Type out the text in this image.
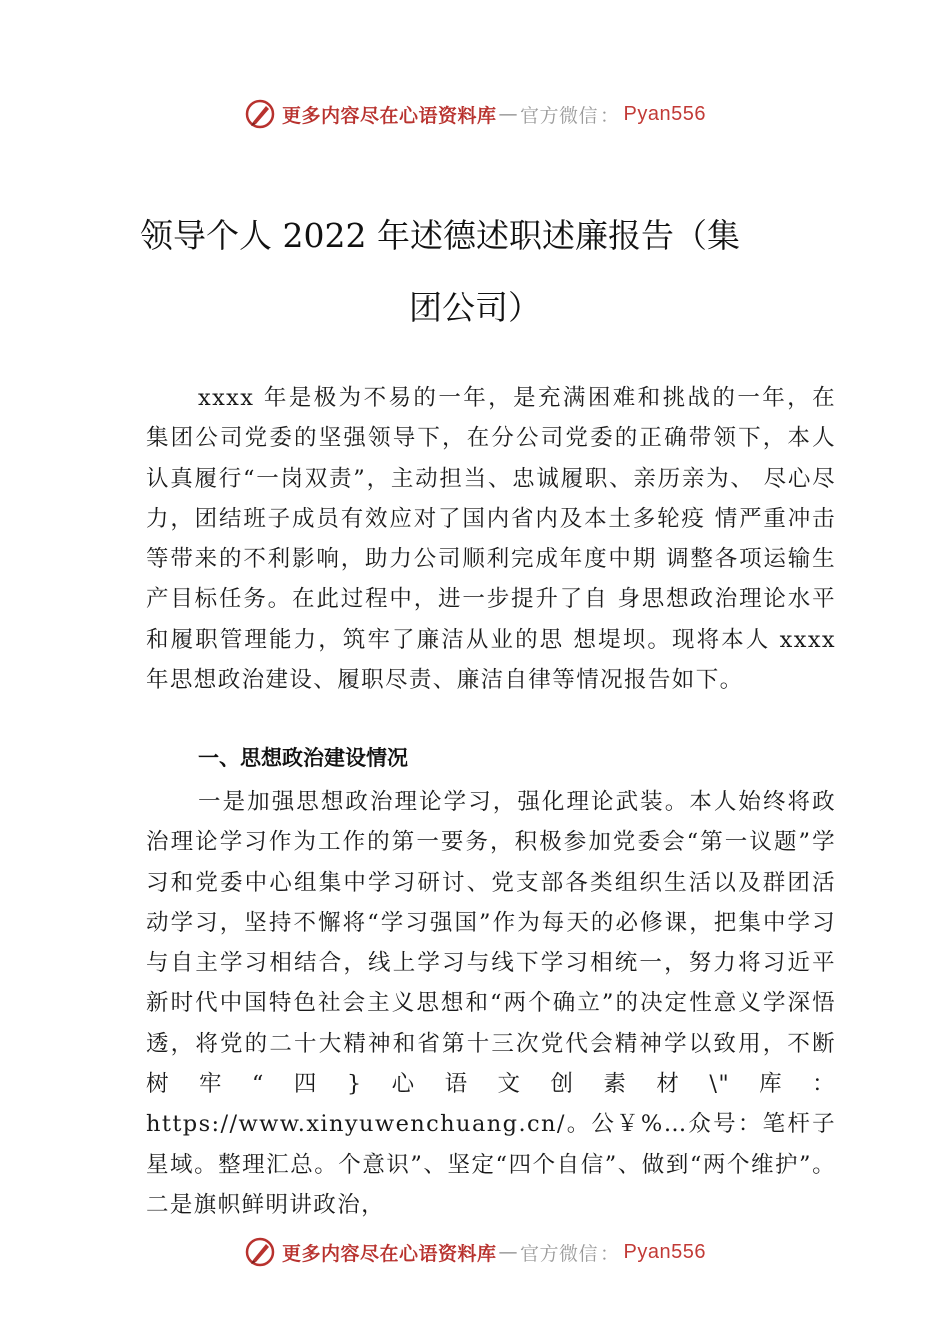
更多内容尽在心语资料库 — 官方微信 ： Pyan556
领导个人 2022 年述德述职述廉报告（集
团公司）

xxxx 年是极为不易的一年，是充满困难和挑战的一年，在集团公司党委的坚强领导下，在分公司党委的正确带领下，本人认真履行“一岗双责”，主动担当、忠诚履职、亲历亲为、 尽心尽力，团结班子成员有效应对了国内省内及本土多轮疫 情严重冲击等带来的不利影响，助力公司顺利完成年度中期 调整各项运输生产目标任务。在此过程中，进一步提升了自 身思想政治理论水平和履职管理能力，筑牢了廉洁从业的思 想堤坝。现将本人 xxxx 年思想政治建设、履职尽责、廉洁自律等情况报告如下。

一、思想政治建设情况

一是加强思想政治理论学习，强化理论武装。本人始终将政治理论学习作为工作的第一要务，积极参加党委会“第一议题”学习和党委中心组集中学习研讨、党支部各类组织生活以及群团活动学习，坚持不懈将“学习强国”作为每天的必修课，把集中学习与自主学习相结合，线上学习与线下学习相统一，努力将习近平新时代中国特色社会主义思想和“两个确立”的决定性意义学深悟透，将党的二十大精神和省第十三次党代会精神学以致用，不断树牢“四}心语文创素材\"库：https://www.xinyuwenchuang.cn/。公￥%…众号：笔杆子星域。整理汇总。个意识”、坚定“四个自信”、做到“两个维护”。二是旗帜鲜明讲政治，

更多内容尽在心语资料库 — 官方微信 ： Pyan556
